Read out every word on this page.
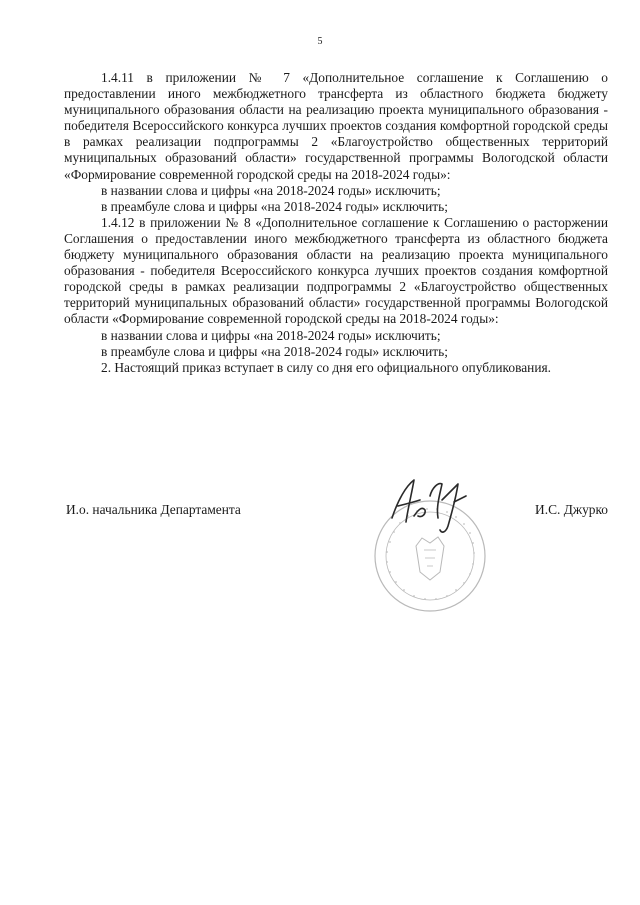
5

1.4.11 в приложении № 7 «Дополнительное соглашение к Соглашению о предоставлении иного межбюджетного трансферта из областного бюджета бюджету муниципального образования области на реализацию проекта муниципального образования - победителя Всероссийского конкурса лучших проектов создания комфортной городской среды в рамках реализации подпрограммы 2 «Благоустройство общественных территорий муниципальных образований области» государственной программы Вологодской области «Формирование современной городской среды на 2018-2024 годы»:

в названии слова и цифры «на 2018-2024 годы» исключить;

в преамбуле слова и цифры «на 2018-2024 годы» исключить;

1.4.12 в приложении № 8 «Дополнительное соглашение к Соглашению о расторжении Соглашения о предоставлении иного межбюджетного трансферта из областного бюджета бюджету муниципального образования области на реализацию проекта муниципального образования - победителя Всероссийского конкурса лучших проектов создания комфортной городской среды в рамках реализации подпрограммы 2 «Благоустройство общественных территорий муниципальных образований области» государственной программы Вологодской области «Формирование современной городской среды на 2018-2024 годы»:

в названии слова и цифры «на 2018-2024 годы» исключить;

в преамбуле слова и цифры «на 2018-2024 годы» исключить;

2. Настоящий приказ вступает в силу со дня его официального опубликования.

И.о. начальника Департамента	И.С. Джурко
